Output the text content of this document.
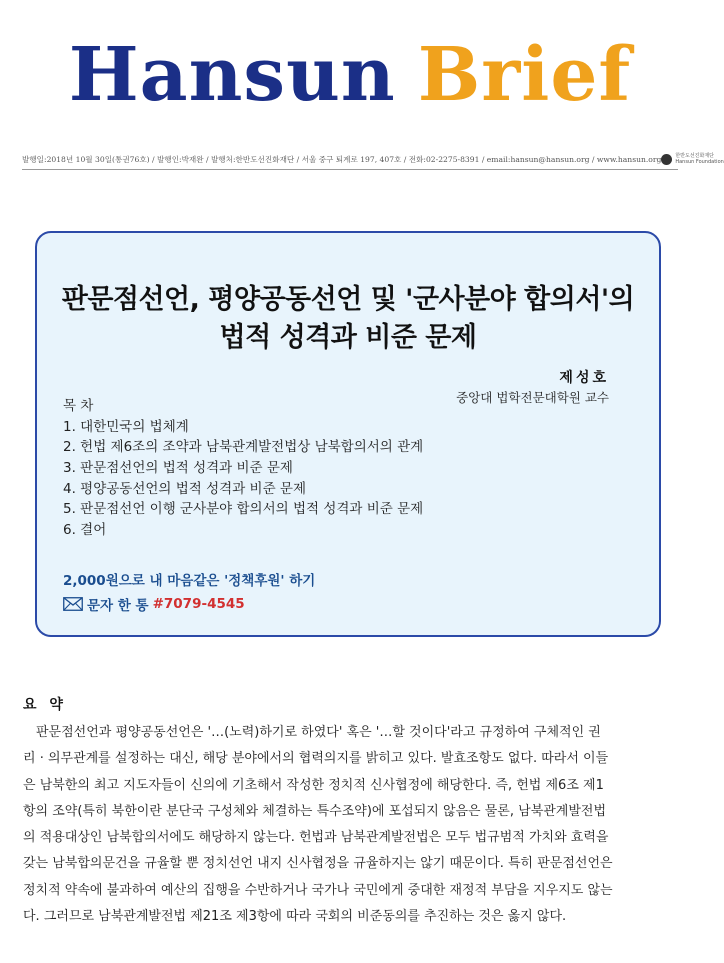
Hansun Brief
발행일:2018년 10월 30일(통권76호) / 발행인:박재완 / 발행처:한반도선진화재단 / 서울 중구 퇴계로 197, 407호 / 전화:02-2275-8391 / email:hansun@hansun.org / www.hansun.org	한반도선진화재단
Hansun Foundation
판문점선언, 평양공동선언 및 '군사분야 합의서'의
법적 성격과 비준 문제
제성호
중앙대 법학전문대학원 교수
목 차
1. 대한민국의 법체계
2. 헌법 제6조의 조약과 남북관계발전법상 남북합의서의 관계
3. 판문점선언의 법적 성격과 비준 문제
4. 평양공동선언의 법적 성격과 비준 문제
5. 판문점선언 이행 군사분야 합의서의 법적 성격과 비준 문제
6. 결어
2,000원으로 내 마음같은 '정책후원' 하기
문자 한 통 #7079-4545
요 약
판문점선언과 평양공동선언은 '…(노력)하기로 하였다' 혹은 '…할 것이다'라고 규정하여 구체적인 권
리 · 의무관계를 설정하는 대신, 해당 분야에서의 협력의지를 밝히고 있다. 발효조항도 없다. 따라서 이들
은 남북한의 최고 지도자들이 신의에 기초해서 작성한 정치적 신사협정에 해당한다. 즉, 헌법 제6조 제1
항의 조약(특히 북한이란 분단국 구성체와 체결하는 특수조약)에 포섭되지 않음은 물론, 남북관계발전법
의 적용대상인 남북합의서에도 해당하지 않는다. 헌법과 남북관계발전법은 모두 법규범적 가치와 효력을
갖는 남북합의문건을 규율할 뿐 정치선언 내지 신사협정을 규율하지는 않기 때문이다. 특히 판문점선언은
정치적 약속에 불과하여 예산의 집행을 수반하거나 국가나 국민에게 중대한 재정적 부담을 지우지도 않는
다. 그러므로 남북관계발전법 제21조 제3항에 따라 국회의 비준동의를 추진하는 것은 옳지 않다.
